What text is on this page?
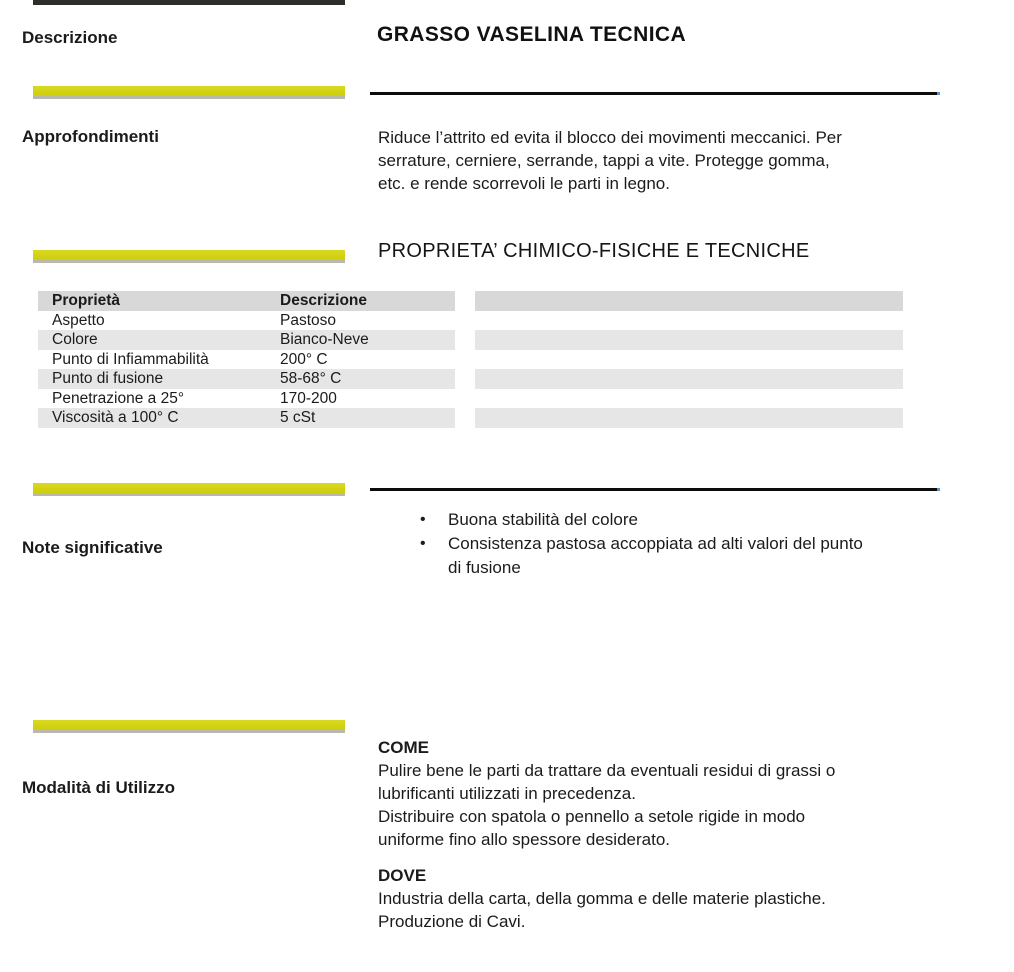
Descrizione	GRASSO VASELINA TECNICA
Approfondimenti	Riduce l’attrito ed evita il blocco dei movimenti meccanici. Per
serrature, cerniere, serrande, tappi a vite. Protegge gomma,
etc. e rende scorrevoli le parti in legno.
PROPRIETA’ CHIMICO-FISICHE E TECNICHE
Proprietà	Descrizione
Aspetto	Pastoso
Colore	Bianco-Neve
Punto di Infiammabilità	200° C
Punto di fusione	58-68° C
Penetrazione a 25°	170-200
Viscosità a 100° C	5 cSt
Note significative
• Buona stabilità del colore
• Consistenza pastosa accoppiata ad alti valori del punto
di fusione
Modalità di Utilizzo
COME
Pulire bene le parti da trattare da eventuali residui di grassi o
lubrificanti utilizzati in precedenza.
Distribuire con spatola o pennello a setole rigide in modo
uniforme fino allo spessore desiderato.
DOVE
Industria della carta, della gomma e delle materie plastiche.
Produzione di Cavi.
